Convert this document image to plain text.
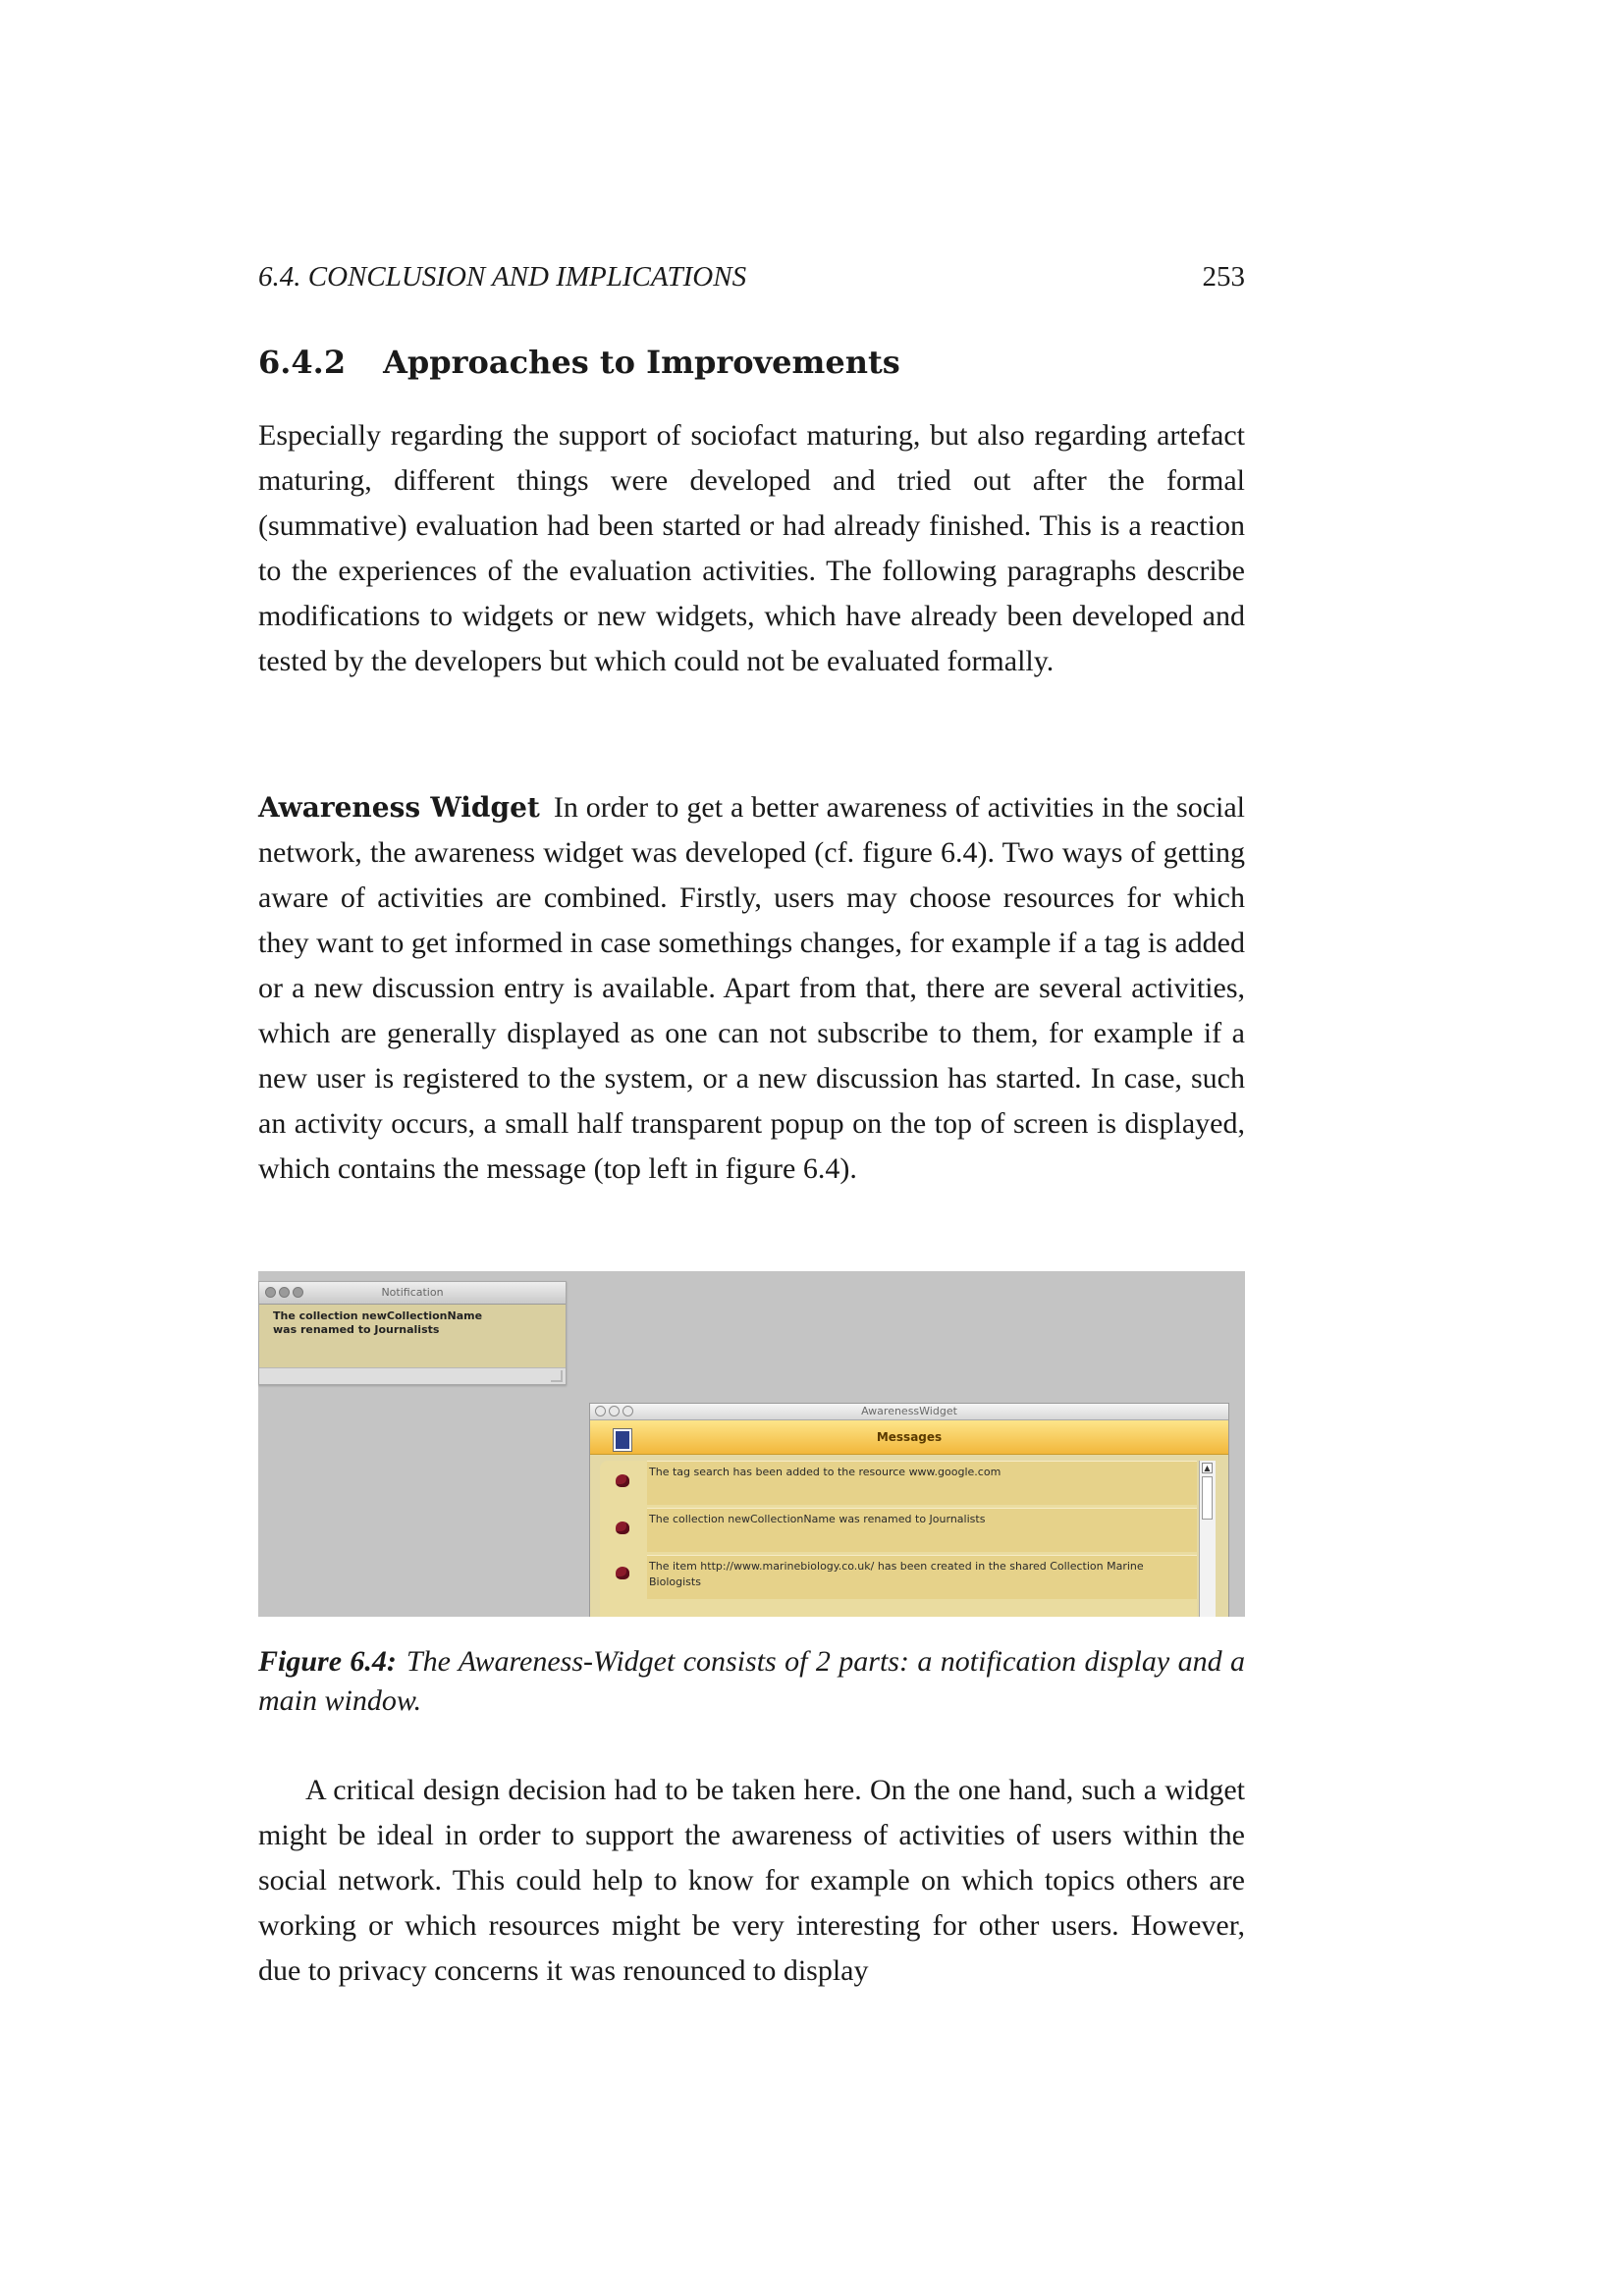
6.4. CONCLUSION AND IMPLICATIONS	253
6.4.2 Approaches to Improvements
Especially regarding the support of sociofact maturing, but also regarding artefact maturing, different things were developed and tried out after the formal (summative) evaluation had been started or had already finished. This is a reaction to the experiences of the evaluation activities. The following paragraphs describe modifications to widgets or new widgets, which have already been developed and tested by the developers but which could not be evaluated formally.
Awareness Widget In order to get a better awareness of activities in the social network, the awareness widget was developed (cf. figure 6.4). Two ways of getting aware of activities are combined. Firstly, users may choose resources for which they want to get informed in case somethings changes, for example if a tag is added or a new discussion entry is available. Apart from that, there are several activities, which are generally displayed as one can not subscribe to them, for example if a new user is registered to the system, or a new discussion has started. In case, such an activity occurs, a small half transparent popup on the top of screen is displayed, which contains the message (top left in figure 6.4).
Notification
The collection newCollectionName was renamed to Journalists
AwarenessWidget
Messages
The tag search has been added to the resource www.google.com
The collection newCollectionName was renamed to Journalists
The item http://www.marinebiology.co.uk/ has been created in the shared Collection Marine Biologists
▲
Figure 6.4: The Awareness-Widget consists of 2 parts: a notification display and a main window.
A critical design decision had to be taken here. On the one hand, such a widget might be ideal in order to support the awareness of activities of users within the social network. This could help to know for example on which topics others are working or which resources might be very interesting for other users. However, due to privacy concerns it was renounced to display
